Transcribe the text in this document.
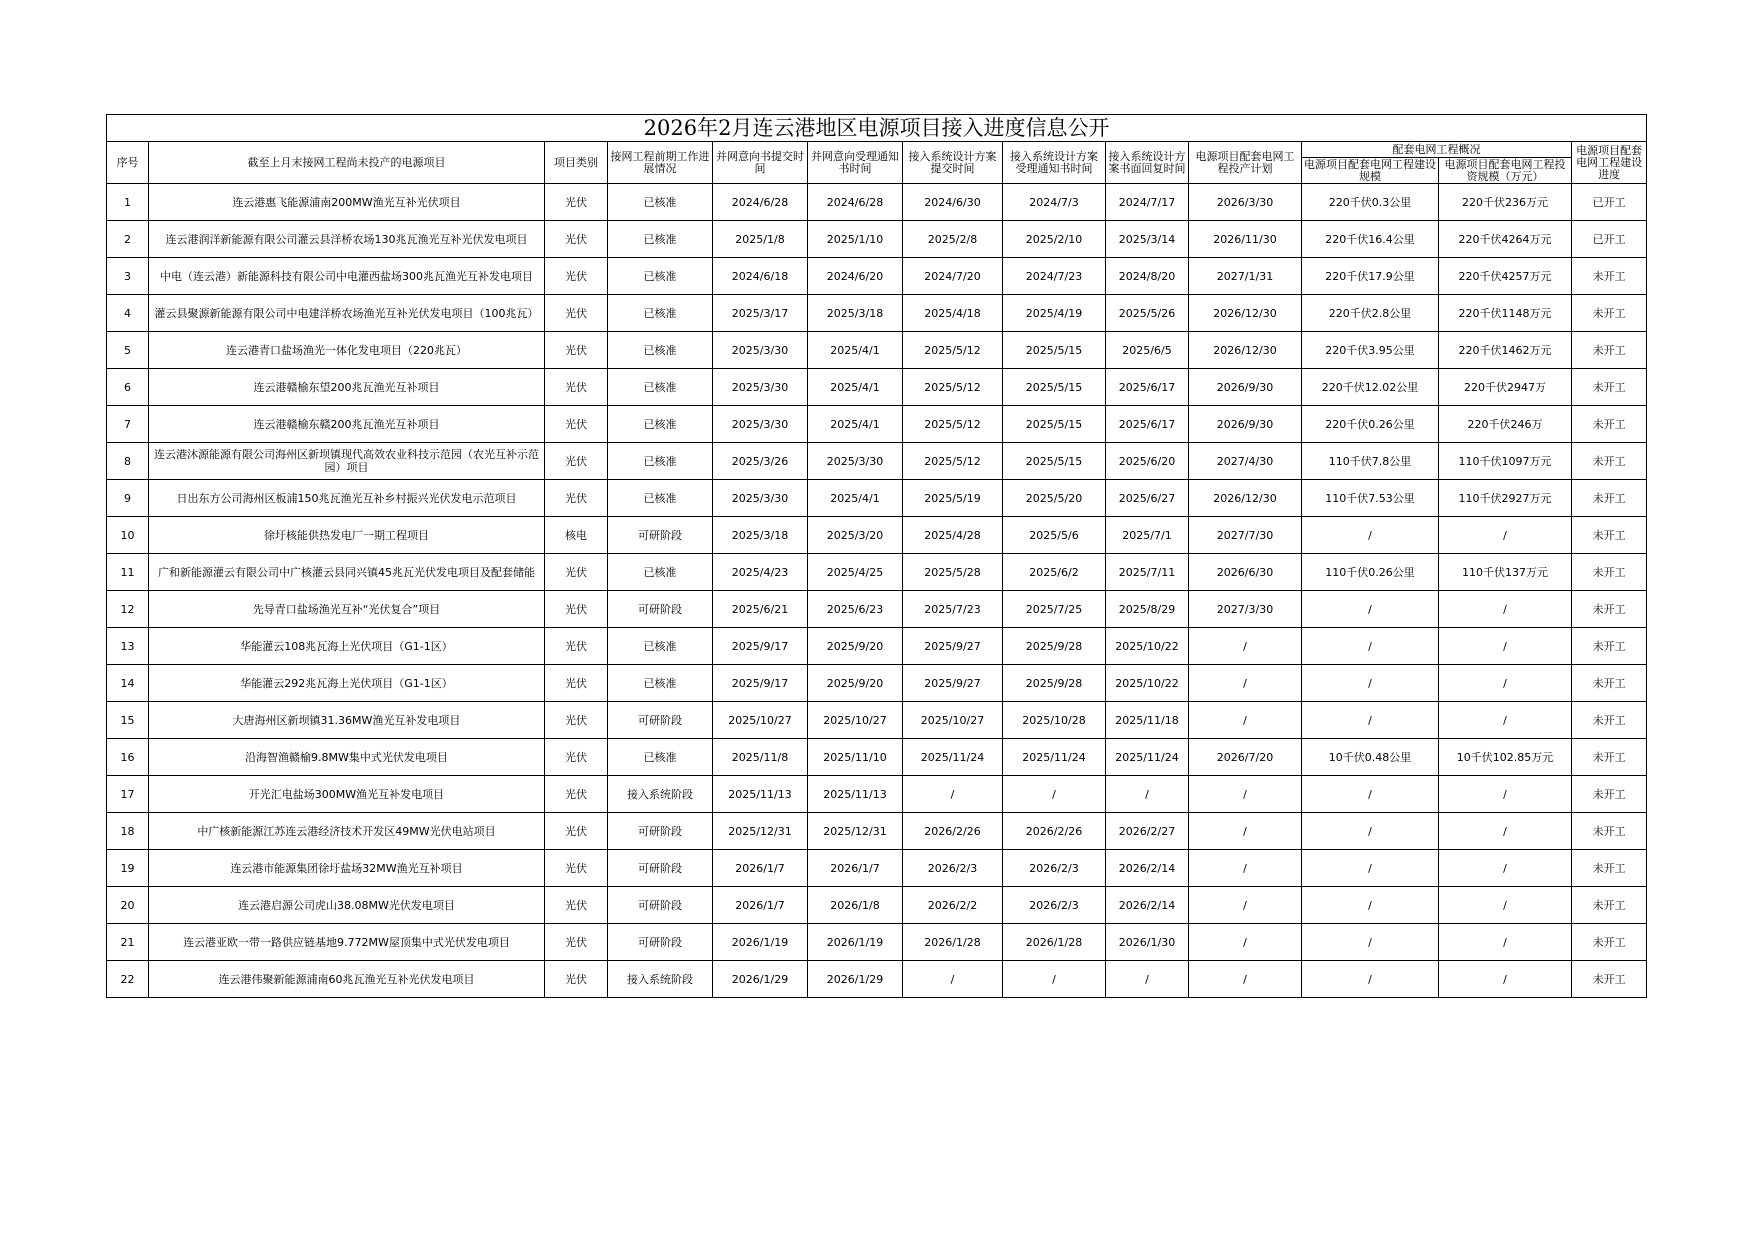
2026年2月连云港地区电源项目接入进度信息公开												
序号	截至上月末接网工程尚未投产的电源项目	项目类别	接网工程前期工作进展情况	并网意向书提交时间	并网意向受理通知书时间	接入系统设计方案提交时间	接入系统设计方案受理通知书时间	接入系统设计方案书面回复时间	电源项目配套电网工程投产计划	配套电网工程概况		电源项目配套电网工程建设进度
										电源项目配套电网工程建设规模	电源项目配套电网工程投资规模（万元）	
1	连云港惠飞能源浦南200MW渔光互补光伏项目	光伏	已核准	2024/6/28	2024/6/28	2024/6/30	2024/7/3	2024/7/17	2026/3/30	220千伏0.3公里	220千伏236万元	已开工
2	连云港润洋新能源有限公司灌云县洋桥农场130兆瓦渔光互补光伏发电项目	光伏	已核准	2025/1/8	2025/1/10	2025/2/8	2025/2/10	2025/3/14	2026/11/30	220千伏16.4公里	220千伏4264万元	已开工
3	中电（连云港）新能源科技有限公司中电灌西盐场300兆瓦渔光互补发电项目	光伏	已核准	2024/6/18	2024/6/20	2024/7/20	2024/7/23	2024/8/20	2027/1/31	220千伏17.9公里	220千伏4257万元	未开工
4	灌云县聚源新能源有限公司中电建洋桥农场渔光互补光伏发电项目（100兆瓦）	光伏	已核准	2025/3/17	2025/3/18	2025/4/18	2025/4/19	2025/5/26	2026/12/30	220千伏2.8公里	220千伏1148万元	未开工
5	连云港青口盐场渔光一体化发电项目（220兆瓦）	光伏	已核准	2025/3/30	2025/4/1	2025/5/12	2025/5/15	2025/6/5	2026/12/30	220千伏3.95公里	220千伏1462万元	未开工
6	连云港赣榆东望200兆瓦渔光互补项目	光伏	已核准	2025/3/30	2025/4/1	2025/5/12	2025/5/15	2025/6/17	2026/9/30	220千伏12.02公里	220千伏2947万	未开工
7	连云港赣榆东赣200兆瓦渔光互补项目	光伏	已核准	2025/3/30	2025/4/1	2025/5/12	2025/5/15	2025/6/17	2026/9/30	220千伏0.26公里	220千伏246万	未开工
8	连云港沐源能源有限公司海州区新坝镇现代高效农业科技示范园（农光互补示范园）项目	光伏	已核准	2025/3/26	2025/3/30	2025/5/12	2025/5/15	2025/6/20	2027/4/30	110千伏7.8公里	110千伏1097万元	未开工
9	日出东方公司海州区板浦150兆瓦渔光互补乡村振兴光伏发电示范项目	光伏	已核准	2025/3/30	2025/4/1	2025/5/19	2025/5/20	2025/6/27	2026/12/30	110千伏7.53公里	110千伏2927万元	未开工
10	徐圩核能供热发电厂一期工程项目	核电	可研阶段	2025/3/18	2025/3/20	2025/4/28	2025/5/6	2025/7/1	2027/7/30	/	/	未开工
11	广和新能源灌云有限公司中广核灌云县同兴镇45兆瓦光伏发电项目及配套储能	光伏	已核准	2025/4/23	2025/4/25	2025/5/28	2025/6/2	2025/7/11	2026/6/30	110千伏0.26公里	110千伏137万元	未开工
12	先导青口盐场渔光互补“光伏复合”项目	光伏	可研阶段	2025/6/21	2025/6/23	2025/7/23	2025/7/25	2025/8/29	2027/3/30	/	/	未开工
13	华能灌云108兆瓦海上光伏项目（G1-1区）	光伏	已核准	2025/9/17	2025/9/20	2025/9/27	2025/9/28	2025/10/22	/	/	/	未开工
14	华能灌云292兆瓦海上光伏项目（G1-1区）	光伏	已核准	2025/9/17	2025/9/20	2025/9/27	2025/9/28	2025/10/22	/	/	/	未开工
15	大唐海州区新坝镇31.36MW渔光互补发电项目	光伏	可研阶段	2025/10/27	2025/10/27	2025/10/27	2025/10/28	2025/11/18	/	/	/	未开工
16	沿海智渔赣榆9.8MW集中式光伏发电项目	光伏	已核准	2025/11/8	2025/11/10	2025/11/24	2025/11/24	2025/11/24	2026/7/20	10千伏0.48公里	10千伏102.85万元	未开工
17	开光汇电盐场300MW渔光互补发电项目	光伏	接入系统阶段	2025/11/13	2025/11/13	/	/	/	/	/	/	未开工
18	中广核新能源江苏连云港经济技术开发区49MW光伏电站项目	光伏	可研阶段	2025/12/31	2025/12/31	2026/2/26	2026/2/26	2026/2/27	/	/	/	未开工
19	连云港市能源集团徐圩盐场32MW渔光互补项目	光伏	可研阶段	2026/1/7	2026/1/7	2026/2/3	2026/2/3	2026/2/14	/	/	/	未开工
20	连云港启源公司虎山38.08MW光伏发电项目	光伏	可研阶段	2026/1/7	2026/1/8	2026/2/2	2026/2/3	2026/2/14	/	/	/	未开工
21	连云港亚欧一带一路供应链基地9.772MW屋顶集中式光伏发电项目	光伏	可研阶段	2026/1/19	2026/1/19	2026/1/28	2026/1/28	2026/1/30	/	/	/	未开工
22	连云港伟聚新能源浦南60兆瓦渔光互补光伏发电项目	光伏	接入系统阶段	2026/1/29	2026/1/29	/	/	/	/	/	/	未开工
